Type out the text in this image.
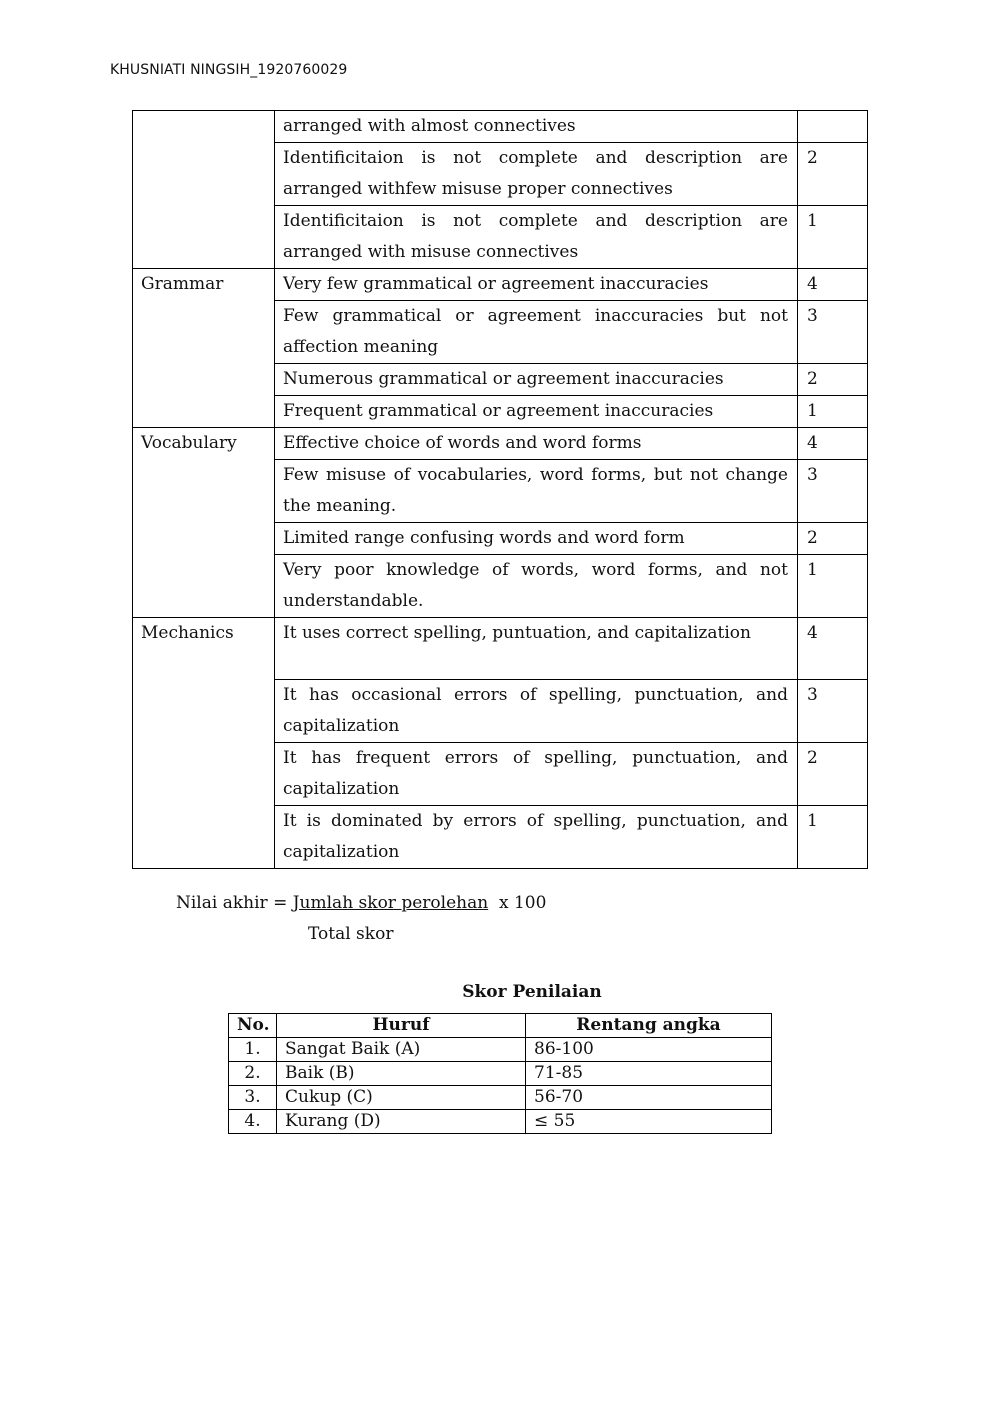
KHUSNIATI NINGSIH_1920760029
	arranged with almost connectives	
	Identificitaion is not complete and description are arranged withfew misuse proper connectives	2
	Identificitaion is not complete and description are arranged with misuse connectives	1
Grammar	Very few grammatical or agreement inaccuracies	4
	Few grammatical or agreement inaccuracies but not affection meaning	3
	Numerous grammatical or agreement inaccuracies	2
	Frequent grammatical or agreement inaccuracies	1
Vocabulary	Effective choice of words and word forms	4
	Few misuse of vocabularies, word forms, but not change the meaning.	3
	Limited range confusing words and word form	2
	Very poor knowledge of words, word forms, and not understandable.	1
Mechanics	It uses correct spelling, puntuation, and capitalization	4
	It has occasional errors of spelling, punctuation, and capitalization	3
	It has frequent errors of spelling, punctuation, and capitalization	2
	It is dominated by errors of spelling, punctuation, and capitalization	1
Nilai akhir = Jumlah skor perolehan  x 100
Total skor
Skor Penilaian
No.	Huruf	Rentang angka
1.	Sangat Baik (A)	86-100
2.	Baik (B)	71-85
3.	Cukup (C)	56-70
4.	Kurang (D)	≤ 55
